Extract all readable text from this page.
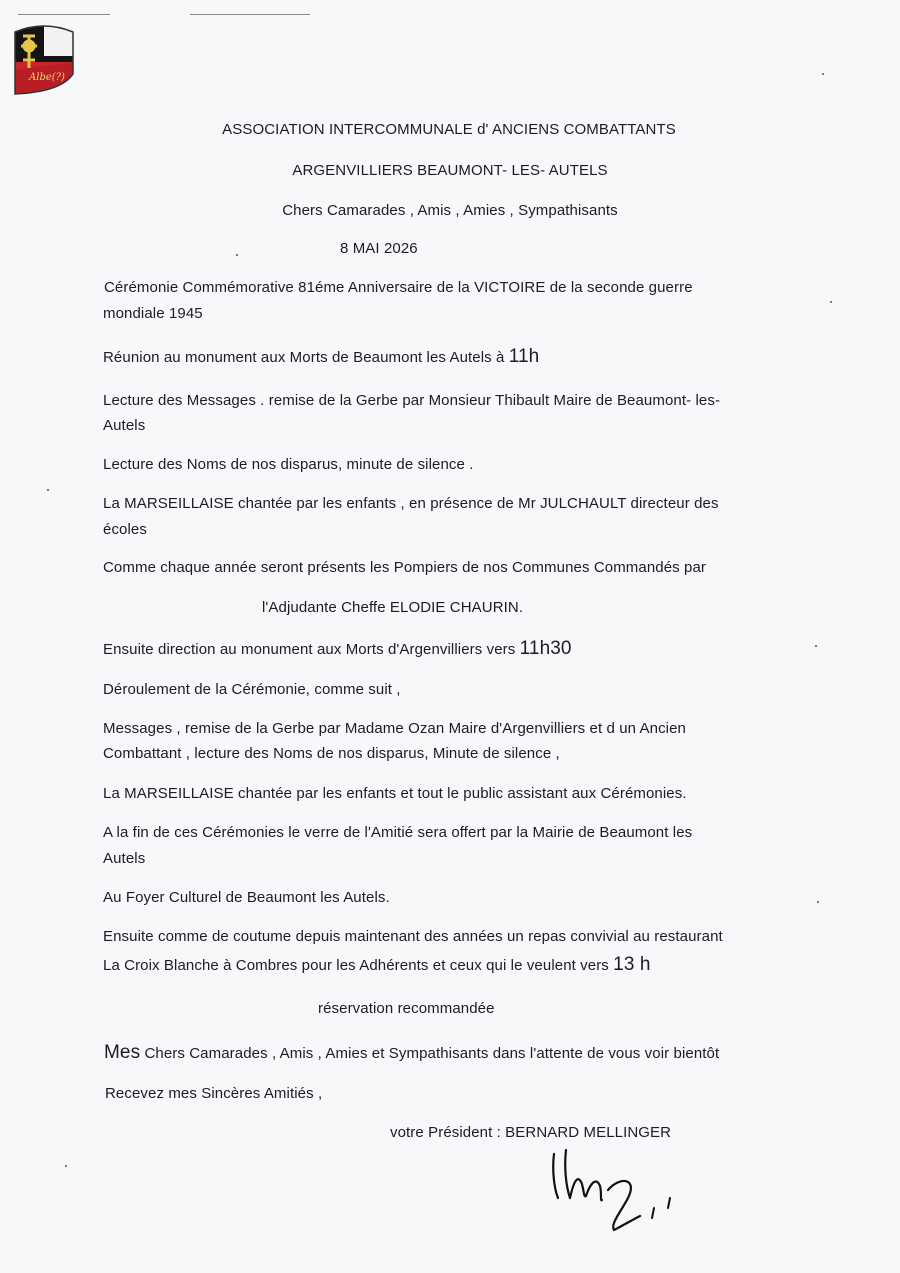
Albe(?)
ASSOCIATION INTERCOMMUNALE d' ANCIENS COMBATTANTS
ARGENVILLIERS BEAUMONT- LES- AUTELS
Chers Camarades , Amis , Amies , Sympathisants
8 MAI 2026
Cérémonie Commémorative 81éme Anniversaire de la VICTOIRE de la seconde guerre
mondiale 1945
Réunion au monument aux Morts de Beaumont les Autels à 11h
Lecture des Messages . remise de la Gerbe par Monsieur Thibault Maire de Beaumont- les-
Autels
Lecture des Noms de nos disparus, minute de silence .
La MARSEILLAISE chantée par les enfants , en présence de Mr JULCHAULT directeur des
écoles
Comme chaque année seront présents les Pompiers de nos Communes Commandés par
l'Adjudante Cheffe ELODIE CHAURIN.
Ensuite direction au monument aux Morts d'Argenvilliers vers 11h30
Déroulement de la Cérémonie, comme suit ,
Messages , remise de la Gerbe par Madame Ozan Maire d'Argenvilliers et d un Ancien
Combattant , lecture des Noms de nos disparus, Minute de silence ,
La MARSEILLAISE chantée par les enfants et tout le public assistant aux Cérémonies.
A la fin de ces Cérémonies le verre de l'Amitié sera offert par la Mairie de Beaumont les
Autels
Au Foyer Culturel de Beaumont les Autels.
Ensuite comme de coutume depuis maintenant des années un repas convivial au restaurant
La Croix Blanche à Combres pour les Adhérents et ceux qui le veulent vers 13 h
réservation recommandée
Mes Chers Camarades , Amis , Amies et Sympathisants dans l'attente de vous voir bientôt
Recevez mes Sincères Amitiés ,
votre Président : BERNARD MELLINGER
